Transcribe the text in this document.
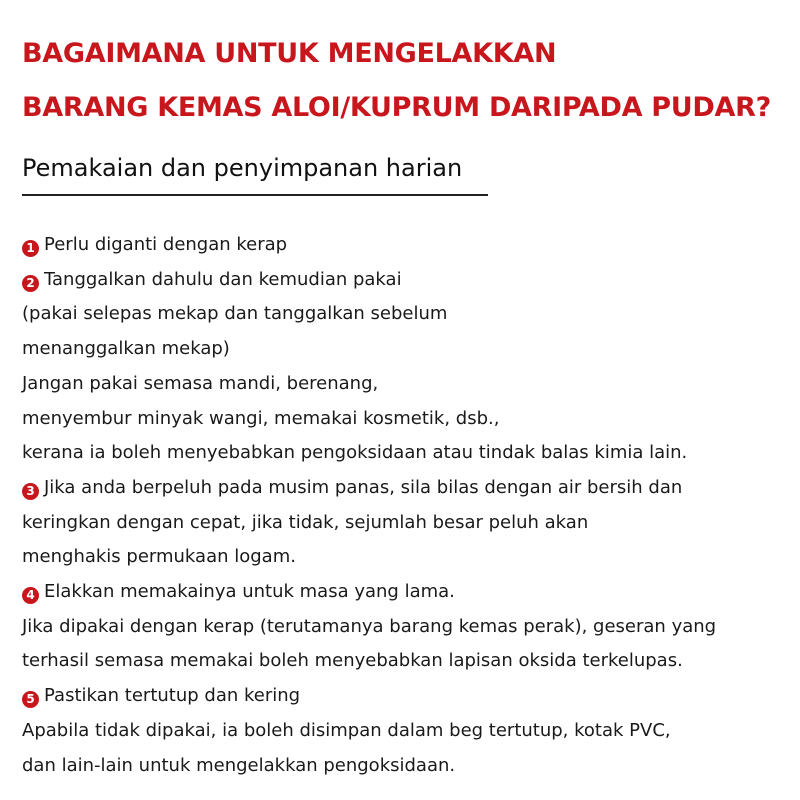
BAGAIMANA UNTUK MENGELAKKAN
BARANG KEMAS ALOI/KUPRUM DARIPADA PUDAR?
Pemakaian dan penyimpanan harian
1 Perlu diganti dengan kerap
2 Tanggalkan dahulu dan kemudian pakai
(pakai selepas mekap dan tanggalkan sebelum
menanggalkan mekap)
Jangan pakai semasa mandi, berenang,
menyembur minyak wangi, memakai kosmetik, dsb.,
kerana ia boleh menyebabkan pengoksidaan atau tindak balas kimia lain.
3 Jika anda berpeluh pada musim panas, sila bilas dengan air bersih dan
keringkan dengan cepat, jika tidak, sejumlah besar peluh akan
menghakis permukaan logam.
4 Elakkan memakainya untuk masa yang lama.
Jika dipakai dengan kerap (terutamanya barang kemas perak), geseran yang
terhasil semasa memakai boleh menyebabkan lapisan oksida terkelupas.
5 Pastikan tertutup dan kering
Apabila tidak dipakai, ia boleh disimpan dalam beg tertutup, kotak PVC,
dan lain-lain untuk mengelakkan pengoksidaan.
